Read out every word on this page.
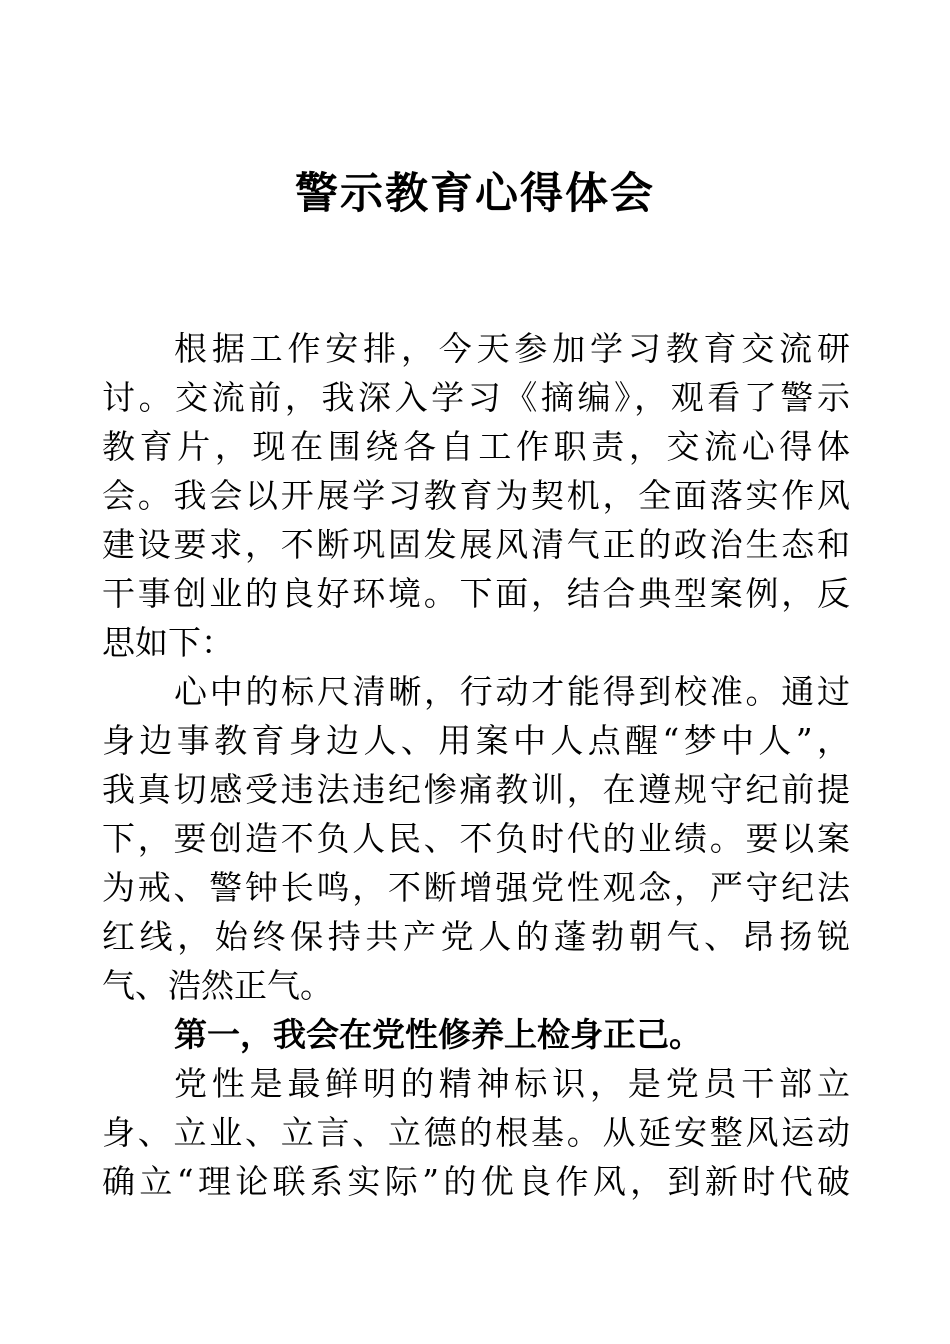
警示教育心得体会
根据工作安排，今天参加学习教育交流研
讨。交流前，我深入学习《摘编》，观看了警示
教育片，现在围绕各自工作职责，交流心得体
会。我会以开展学习教育为契机，全面落实作风
建设要求，不断巩固发展风清气正的政治生态和
干事创业的良好环境。下面，结合典型案例，反
思如下：
心中的标尺清晰，行动才能得到校准。通过
身边事教育身边人、用案中人点醒“梦中人”，
我真切感受违法违纪惨痛教训，在遵规守纪前提
下，要创造不负人民、不负时代的业绩。要以案
为戒、警钟长鸣，不断增强党性观念，严守纪法
红线，始终保持共产党人的蓬勃朝气、昂扬锐
气、浩然正气。
第一，我会在党性修养上检身正己。
党性是最鲜明的精神标识，是党员干部立
身、立业、立言、立德的根基。从延安整风运动
确立“理论联系实际”的优良作风，到新时代破
